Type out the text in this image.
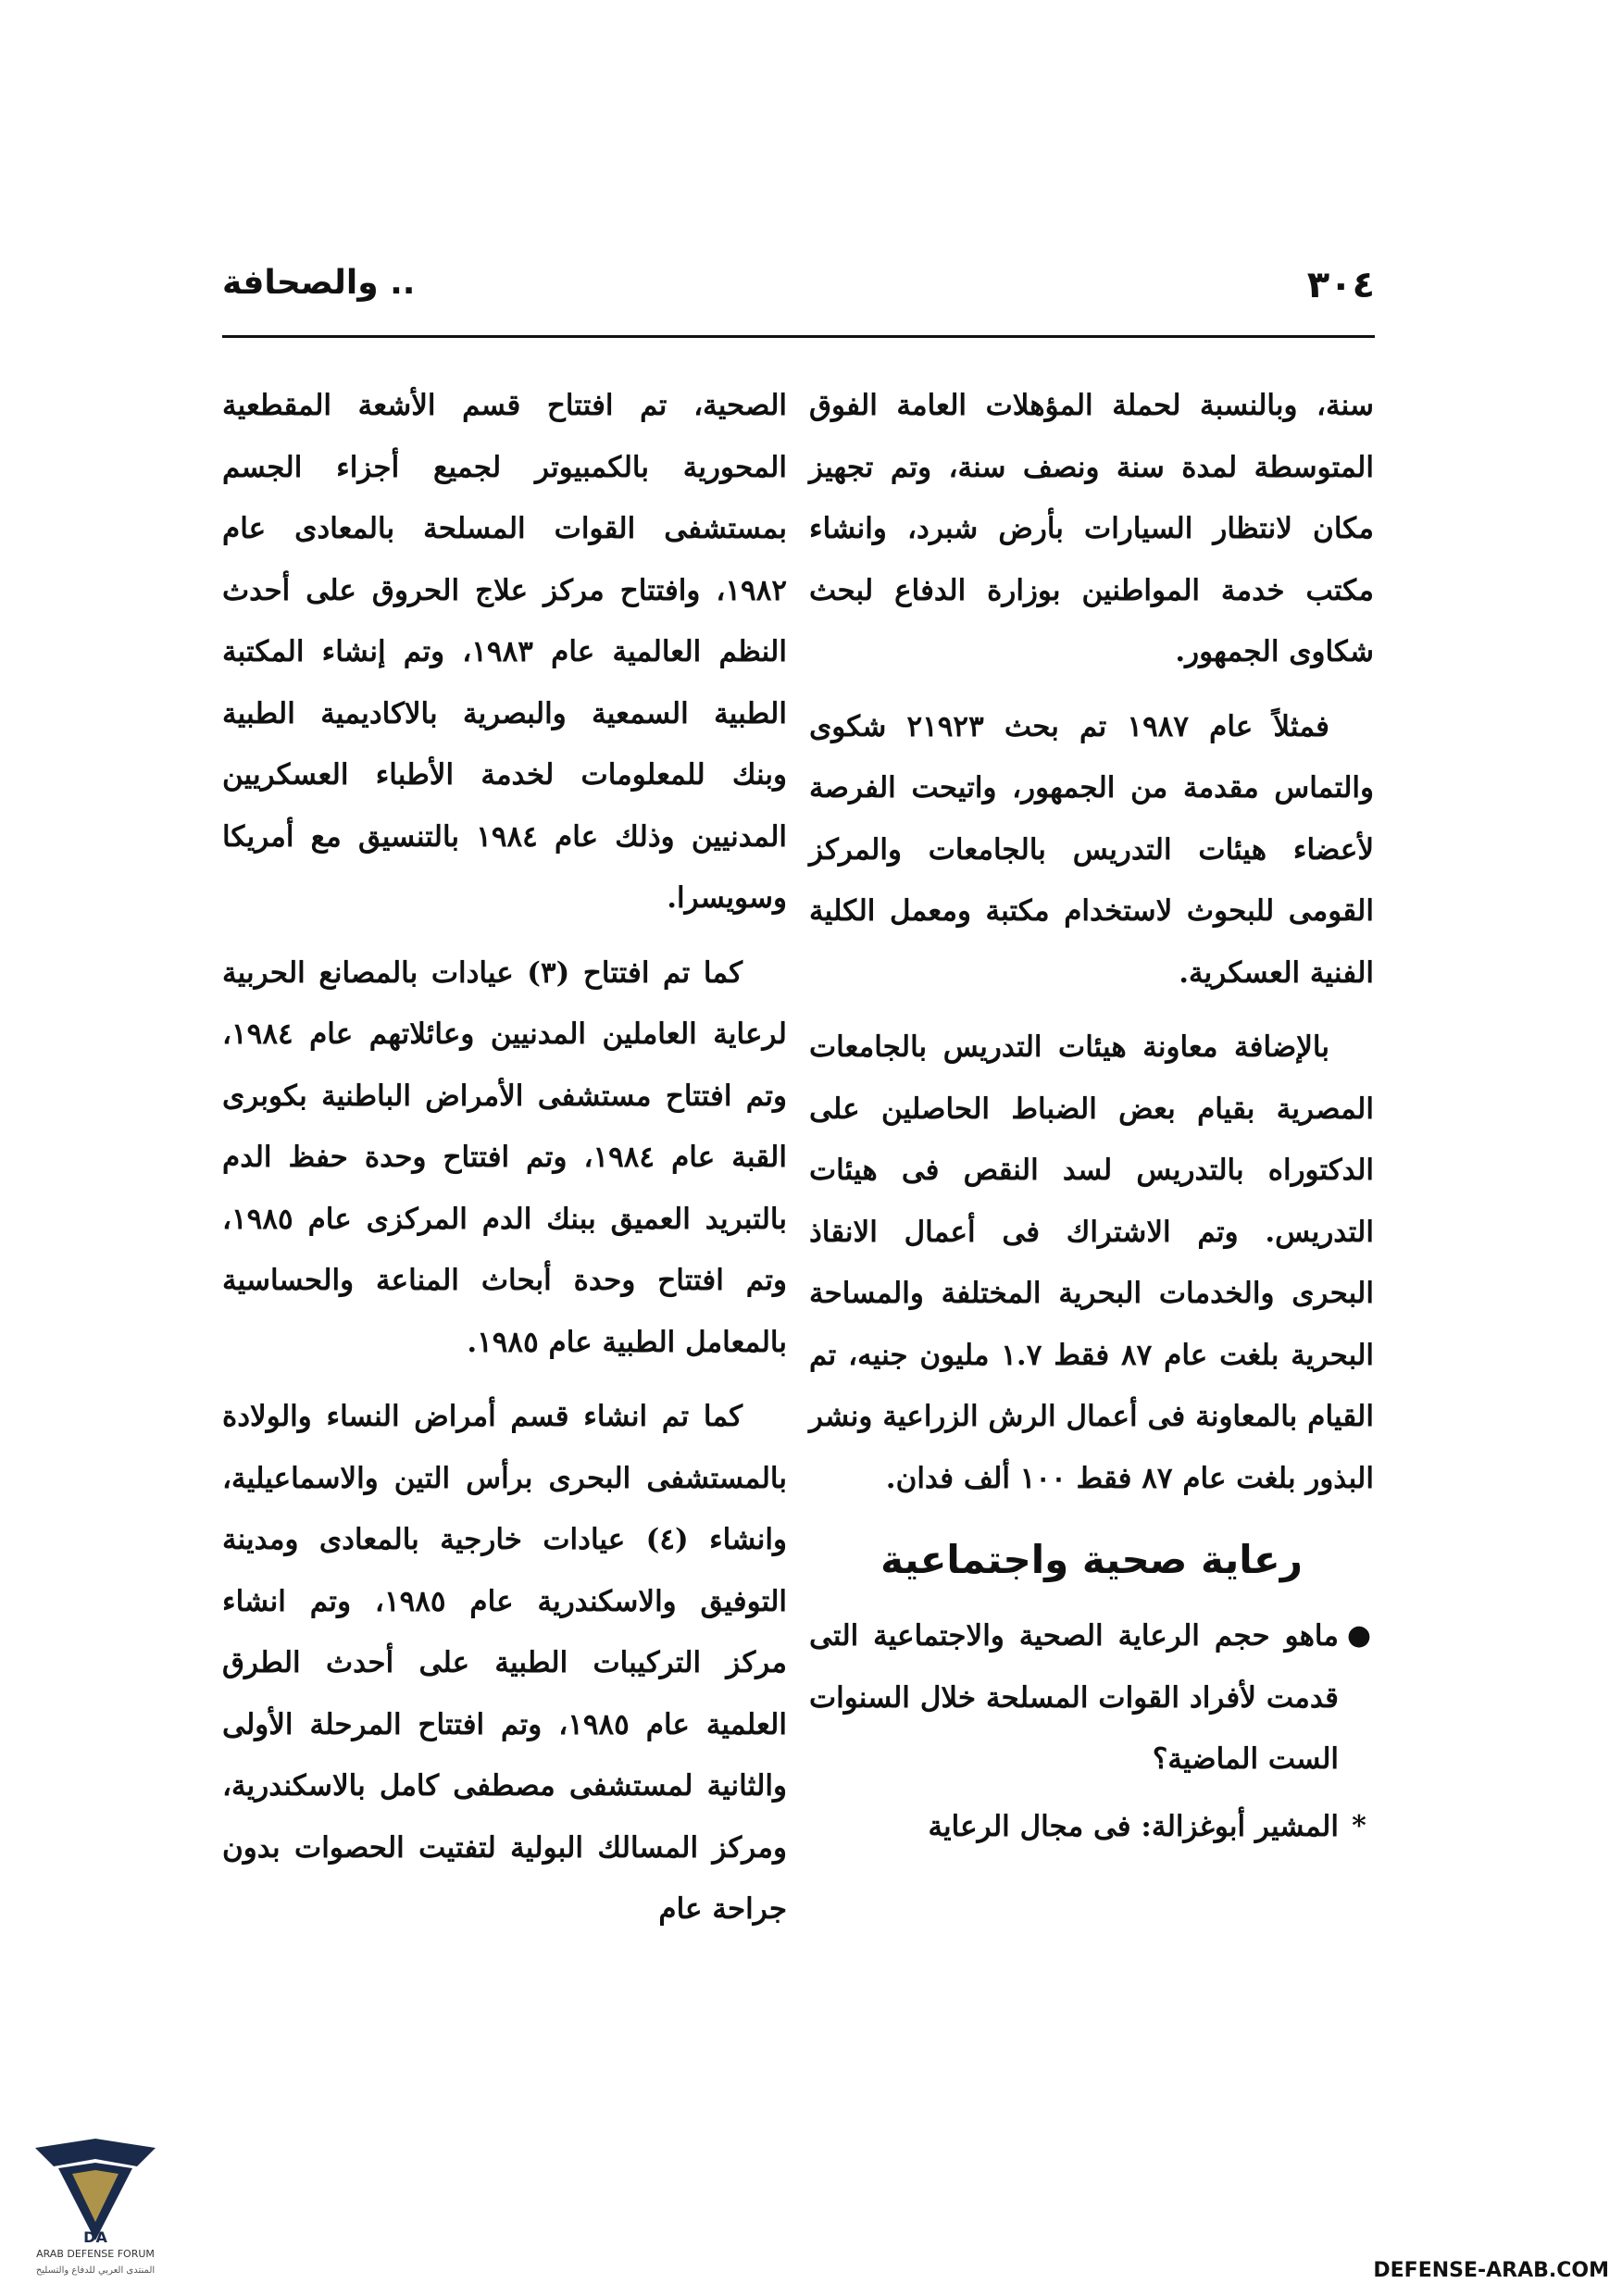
٣٠٤
.. والصحافة

سنة، وبالنسبة لحملة المؤهلات العامة الفوق المتوسطة لمدة سنة ونصف سنة، وتم تجهيز مكان لانتظار السيارات بأرض شبرد، وانشاء مكتب خدمة المواطنين بوزارة الدفاع لبحث شكاوى الجمهور.

فمثلاً عام ١٩٨٧ تم بحث ٢١٩٢٣ شكوى والتماس مقدمة من الجمهور، واتيحت الفرصة لأعضاء هيئات التدريس بالجامعات والمركز القومى للبحوث لاستخدام مكتبة ومعمل الكلية الفنية العسكرية.

بالإضافة معاونة هيئات التدريس بالجامعات المصرية بقيام بعض الضباط الحاصلين على الدكتوراه بالتدريس لسد النقص فى هيئات التدريس. وتم الاشتراك فى أعمال الانقاذ البحرى والخدمات البحرية المختلفة والمساحة البحرية بلغت عام ٨٧ فقط ١.٧ مليون جنيه، تم القيام بالمعاونة فى أعمال الرش الزراعية ونشر البذور بلغت عام ٨٧ فقط ١٠٠ ألف فدان.

رعاية صحية واجتماعية
●
ماهو حجم الرعاية الصحية والاجتماعية التى قدمت لأفراد القوات المسلحة خلال السنوات الست الماضية؟
*
المشير أبوغزالة: فى مجال الرعاية

الصحية، تم افتتاح قسم الأشعة المقطعية المحورية بالكمبيوتر لجميع أجزاء الجسم بمستشفى القوات المسلحة بالمعادى عام ١٩٨٢، وافتتاح مركز علاج الحروق على أحدث النظم العالمية عام ١٩٨٣، وتم إنشاء المكتبة الطبية السمعية والبصرية بالاكاديمية الطبية وبنك للمعلومات لخدمة الأطباء العسكريين المدنيين وذلك عام ١٩٨٤ بالتنسيق مع أمريكا وسويسرا.

كما تم افتتاح (٣) عيادات بالمصانع الحربية لرعاية العاملين المدنيين وعائلاتهم عام ١٩٨٤، وتم افتتاح مستشفى الأمراض الباطنية بكوبرى القبة عام ١٩٨٤، وتم افتتاح وحدة حفظ الدم بالتبريد العميق ببنك الدم المركزى عام ١٩٨٥، وتم افتتاح وحدة أبحاث المناعة والحساسية بالمعامل الطبية عام ١٩٨٥.

كما تم انشاء قسم أمراض النساء والولادة بالمستشفى البحرى برأس التين والاسماعيلية، وانشاء (٤) عيادات خارجية بالمعادى ومدينة التوفيق والاسكندرية عام ١٩٨٥، وتم انشاء مركز التركيبات الطبية على أحدث الطرق العلمية عام ١٩٨٥، وتم افتتاح المرحلة الأولى والثانية لمستشفى مصطفى كامل بالاسكندرية، ومركز المسالك البولية لتفتيت الحصوات بدون جراحة عام

DA
ARAB DEFENSE FORUM
المنتدى العربي للدفاع والتسليح	DEFENSE-ARAB.COM
